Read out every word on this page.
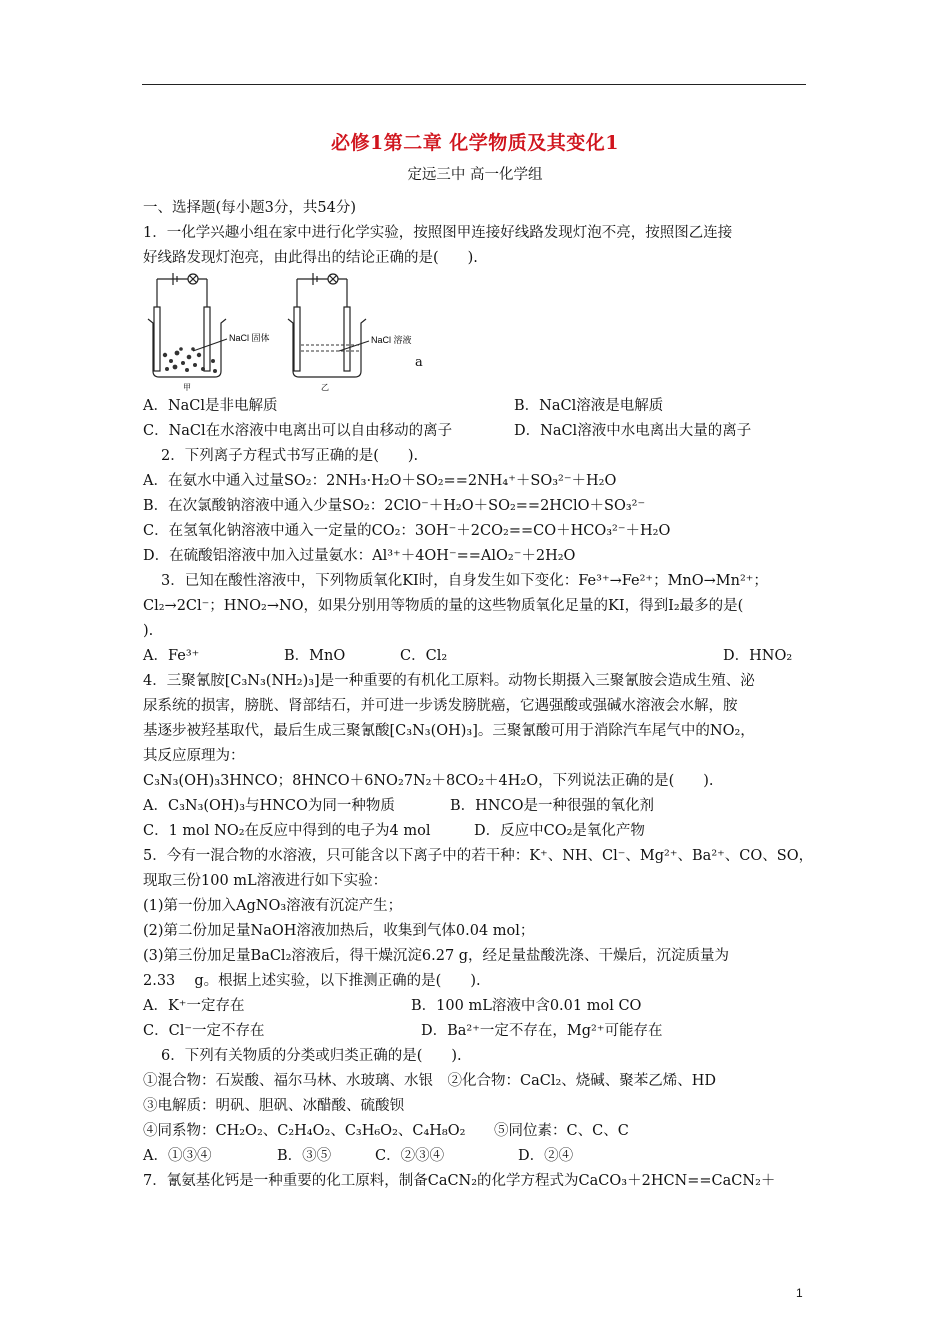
必修1第二章 化学物质及其变化1
定远三中 高一化学组
一、选择题(每小题3分，共54分)
1．一化学兴趣小组在家中进行化学实验，按照图甲连接好线路发现灯泡不亮，按照图乙连接
好线路发现灯泡亮，由此得出的结论正确的是(　　).
NaCl 固体
甲
NaCl 溶液
乙
a
A．NaCl是非电解质	B．NaCl溶液是电解质
C．NaCl在水溶液中电离出可以自由移动的离子	D．NaCl溶液中水电离出大量的离子
2．下列离子方程式书写正确的是(　　).
A．在氨水中通入过量SO₂：2NH₃·H₂O＋SO₂==2NH₄⁺＋SO₃²⁻＋H₂O
B．在次氯酸钠溶液中通入少量SO₂：2ClO⁻＋H₂O＋SO₂==2HClO＋SO₃²⁻
C．在氢氧化钠溶液中通入一定量的CO₂：3OH⁻＋2CO₂==CO＋HCO₃²⁻＋H₂O
D．在硫酸铝溶液中加入过量氨水：Al³⁺＋4OH⁻==AlO₂⁻＋2H₂O
3．已知在酸性溶液中，下列物质氧化KI时，自身发生如下变化：Fe³⁺→Fe²⁺；MnO→Mn²⁺；
Cl₂→2Cl⁻；HNO₂→NO，如果分别用等物质的量的这些物质氧化足量的KI，得到I₂最多的是(
).
A．Fe³⁺	B．MnO	C．Cl₂	D．HNO₂
4．三聚氰胺[C₃N₃(NH₂)₃]是一种重要的有机化工原料。动物长期摄入三聚氰胺会造成生殖、泌
尿系统的损害，膀胱、肾部结石，并可进一步诱发膀胱癌，它遇强酸或强碱水溶液会水解，胺
基逐步被羟基取代，最后生成三聚氰酸[C₃N₃(OH)₃]。三聚氰酸可用于消除汽车尾气中的NO₂，
其反应原理为：
C₃N₃(OH)₃3HNCO；8HNCO＋6NO₂7N₂＋8CO₂＋4H₂O，下列说法正确的是(　　).
A．C₃N₃(OH)₃与HNCO为同一种物质	B．HNCO是一种很强的氧化剂
C．1 mol NO₂在反应中得到的电子为4 mol	D．反应中CO₂是氧化产物
5．今有一混合物的水溶液，只可能含以下离子中的若干种：K⁺、NH、Cl⁻、Mg²⁺、Ba²⁺、CO、SO，
现取三份100 mL溶液进行如下实验：
(1)第一份加入AgNO₃溶液有沉淀产生；
(2)第二份加足量NaOH溶液加热后，收集到气体0.04 mol；
(3)第三份加足量BaCl₂溶液后，得干燥沉淀6.27 g，经足量盐酸洗涤、干燥后，沉淀质量为
2.33　 g。根据上述实验，以下推测正确的是(　　).
A．K⁺一定存在	B．100 mL溶液中含0.01 mol CO
C．Cl⁻一定不存在	D．Ba²⁺一定不存在，Mg²⁺可能存在
6．下列有关物质的分类或归类正确的是(　　).
①混合物：石炭酸、福尔马林、水玻璃、水银　②化合物：CaCl₂、烧碱、聚苯乙烯、HD
③电解质：明矾、胆矾、冰醋酸、硫酸钡
④同系物：CH₂O₂、C₂H₄O₂、C₃H₆O₂、C₄H₈O₂ ⑤同位素：C、C、C
A．①③④	B．③⑤	C．②③④	D．②④
7．氰氨基化钙是一种重要的化工原料，制备CaCN₂的化学方程式为CaCO₃＋2HCN==CaCN₂＋
1
